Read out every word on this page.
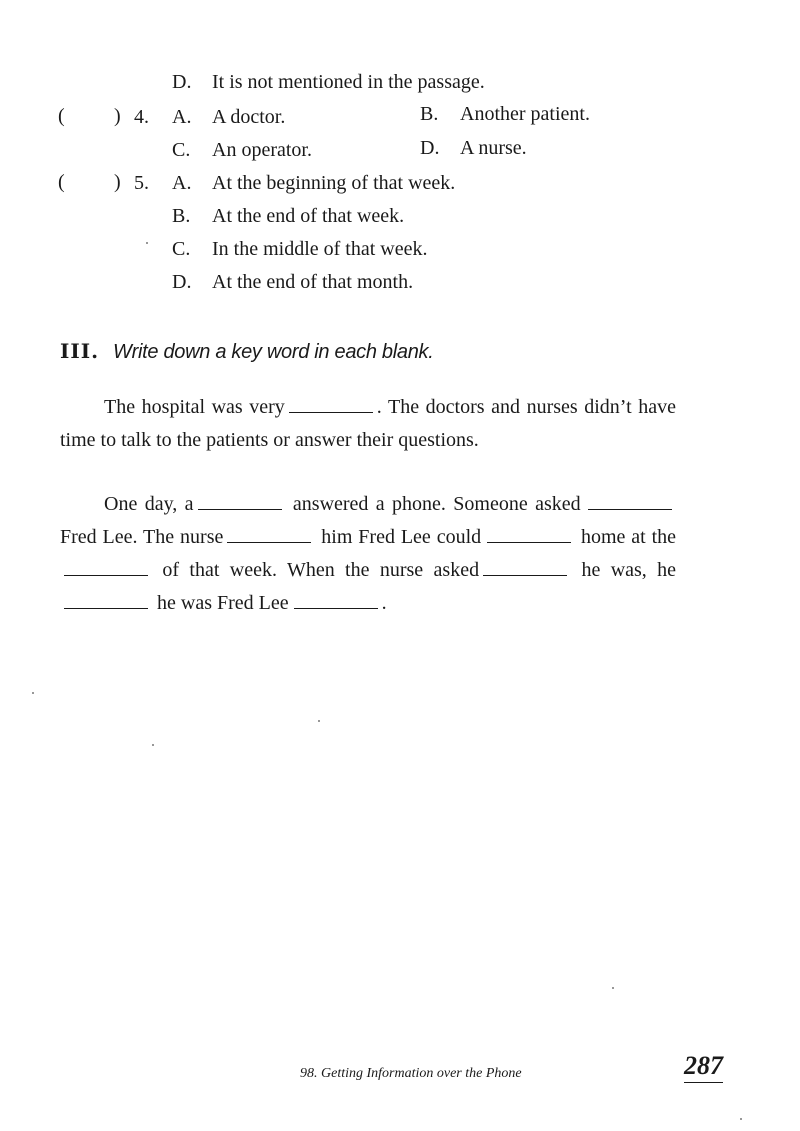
D. It is not mentioned in the passage.
( ) 4. A. A doctor.	B. Another patient.
C. An operator.	D. A nurse.
( ) 5. A. At the beginning of that week.
B. At the end of that week.
C. In the middle of that week.
D. At the end of that month.
III. Write down a key word in each blank.
The hospital was very	. The doctors and nurses didn’t have time to talk to the patients or answer their questions.
One day, a	answered a phone. Someone asked  Fred Lee. The nurse	him Fred Lee could	home at the of that week. When the nurse asked	he was, he he was Fred Lee	.
98. Getting Information over the Phone	287
